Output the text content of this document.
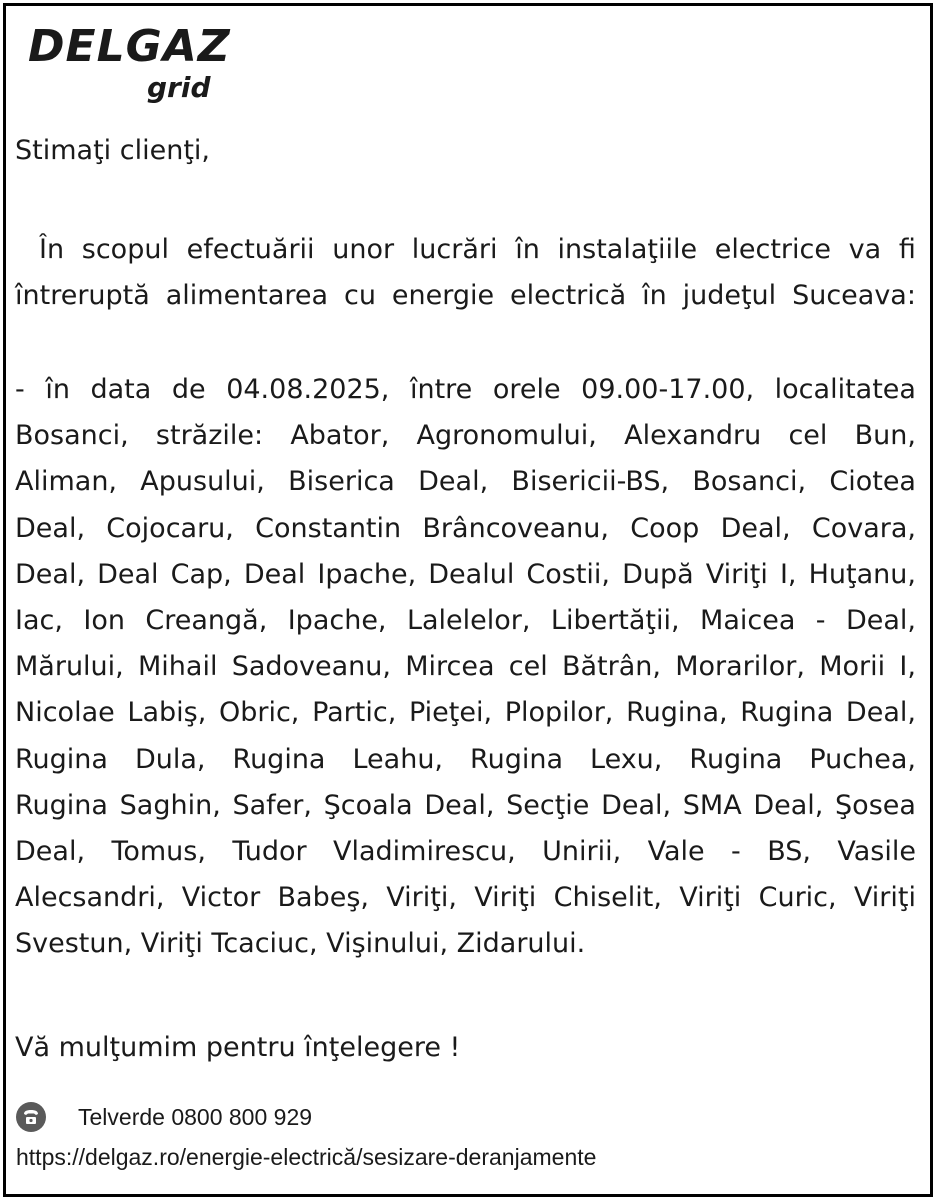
DELGAZ
grid
Stimaţi clienţi,
În scopul efectuării unor lucrări în instalaţiile electrice va fi
întreruptă alimentarea cu energie electrică în judeţul Suceava:
- în data de 04.08.2025, între orele 09.00-17.00, localitatea
Bosanci, străzile: Abator, Agronomului, Alexandru cel Bun,
Aliman, Apusului, Biserica Deal, Bisericii-BS, Bosanci, Ciotea
Deal, Cojocaru, Constantin Brâncoveanu, Coop Deal, Covara,
Deal, Deal Cap, Deal Ipache, Dealul Costii, După Viriţi I, Huţanu,
Iac, Ion Creangă, Ipache, Lalelelor, Libertăţii, Maicea - Deal,
Mărului, Mihail Sadoveanu, Mircea cel Bătrân, Morarilor, Morii I,
Nicolae Labiş, Obric, Partic, Pieţei, Plopilor, Rugina, Rugina Deal,
Rugina Dula, Rugina Leahu, Rugina Lexu, Rugina Puchea,
Rugina Saghin, Safer, Şcoala Deal, Secţie Deal, SMA Deal, Şosea
Deal, Tomus, Tudor Vladimirescu, Unirii, Vale - BS, Vasile
Alecsandri, Victor Babeş, Viriţi, Viriţi Chiselit, Viriţi Curic, Viriţi
Svestun, Viriţi Tcaciuc, Vişinului, Zidarului.
Vă mulţumim pentru înţelegere !
Telverde 0800 800 929
https://delgaz.ro/energie-electrică/sesizare-deranjamente
